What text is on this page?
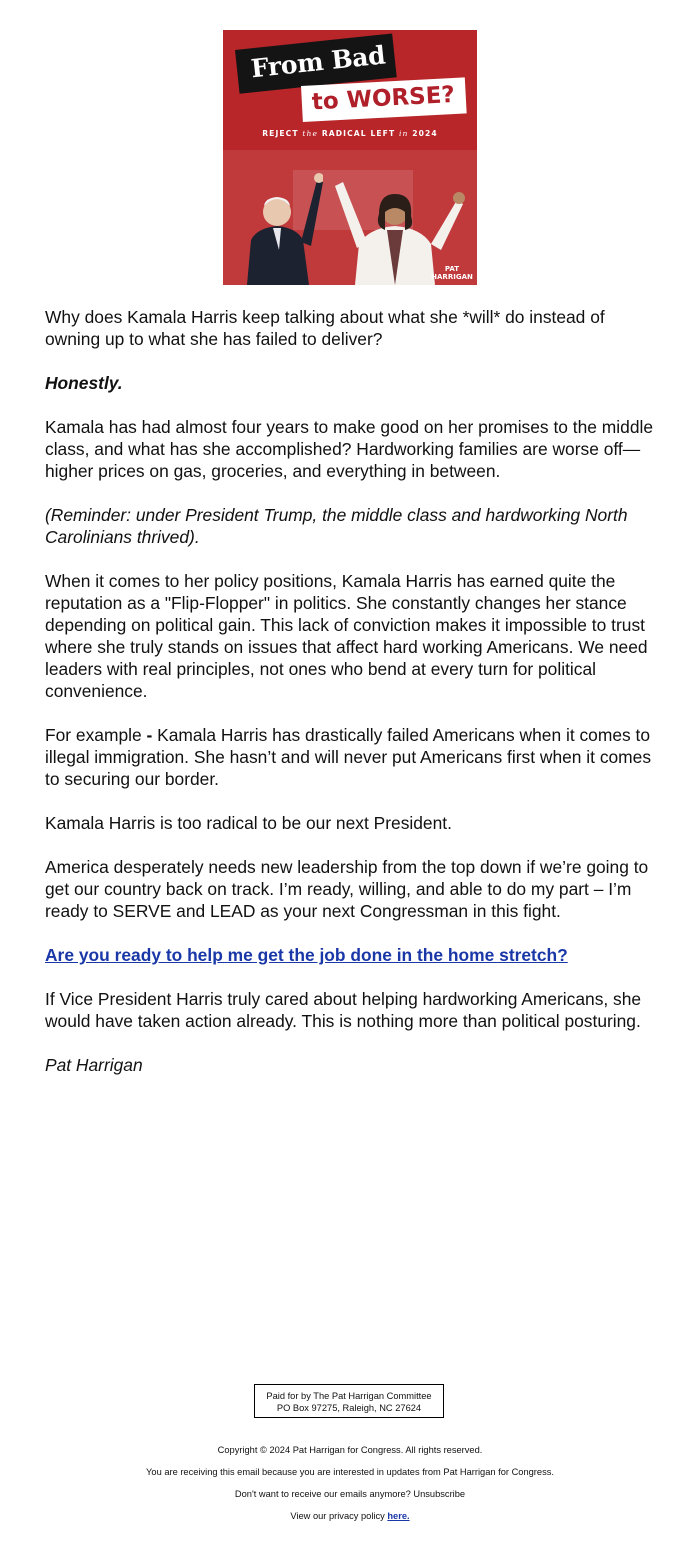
From Bad
to WORSE?
REJECT the RADICAL LEFT in 2024
PAT
HARRIGAN

Why does Kamala Harris keep talking about what she *will* do instead of owning up to what she has failed to deliver?

Honestly.

Kamala has had almost four years to make good on her promises to the middle class, and what has she accomplished? Hardworking families are worse off—higher prices on gas, groceries, and everything in between.

(Reminder: under President Trump, the middle class and hardworking North Carolinians thrived).

When it comes to her policy positions, Kamala Harris has earned quite the reputation as a "Flip-Flopper" in politics. She constantly changes her stance depending on political gain. This lack of conviction makes it impossible to trust where she truly stands on issues that affect hard working Americans. We need leaders with real principles, not ones who bend at every turn for political convenience.

For example - Kamala Harris has drastically failed Americans when it comes to illegal immigration. She hasn’t and will never put Americans first when it comes to securing our border.

Kamala Harris is too radical to be our next President.

America desperately needs new leadership from the top down if we’re going to get our country back on track. I’m ready, willing, and able to do my part – I’m ready to SERVE and LEAD as your next Congressman in this fight.

Are you ready to help me get the job done in the home stretch?

If Vice President Harris truly cared about helping hardworking Americans, she would have taken action already. This is nothing more than political posturing.

Pat Harrigan

Paid for by The Pat Harrigan Committee
PO Box 97275, Raleigh, NC 27624
Copyright © 2024 Pat Harrigan for Congress. All rights reserved.
You are receiving this email because you are interested in updates from Pat Harrigan for Congress.
Don't want to receive our emails anymore? Unsubscribe
View our privacy policy here.
